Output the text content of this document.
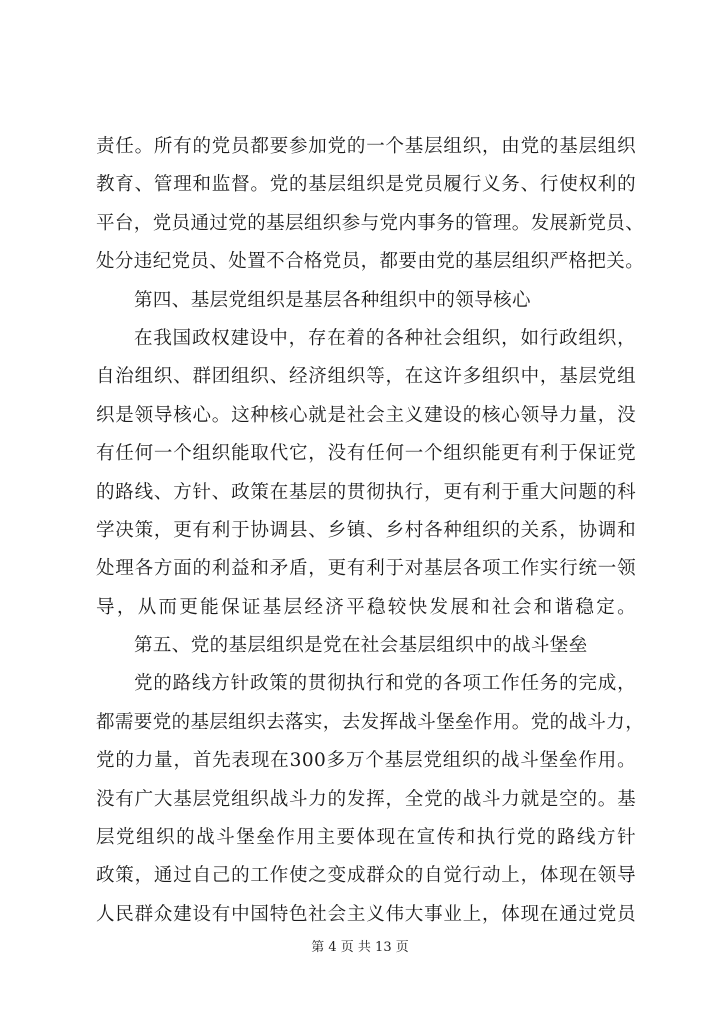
责任。所有的党员都要参加党的一个基层组织，由党的基层组织
教育、管理和监督。党的基层组织是党员履行义务、行使权利的
平台，党员通过党的基层组织参与党内事务的管理。发展新党员、
处分违纪党员、处置不合格党员，都要由党的基层组织严格把关。
第四、基层党组织是基层各种组织中的领导核心
在我国政权建设中，存在着的各种社会组织，如行政组织，
自治组织、群团组织、经济组织等，在这许多组织中，基层党组
织是领导核心。这种核心就是社会主义建设的核心领导力量，没
有任何一个组织能取代它，没有任何一个组织能更有利于保证党
的路线、方针、政策在基层的贯彻执行，更有利于重大问题的科
学决策，更有利于协调县、乡镇、乡村各种组织的关系，协调和
处理各方面的利益和矛盾，更有利于对基层各项工作实行统一领
导，从而更能保证基层经济平稳较快发展和社会和谐稳定。
第五、党的基层组织是党在社会基层组织中的战斗堡垒
党的路线方针政策的贯彻执行和党的各项工作任务的完成，
都需要党的基层组织去落实，去发挥战斗堡垒作用。党的战斗力，
党的力量，首先表现在300多万个基层党组织的战斗堡垒作用。
没有广大基层党组织战斗力的发挥，全党的战斗力就是空的。基
层党组织的战斗堡垒作用主要体现在宣传和执行党的路线方针
政策，通过自己的工作使之变成群众的自觉行动上，体现在领导
人民群众建设有中国特色社会主义伟大事业上，体现在通过党员
第 4 页 共 13 页
